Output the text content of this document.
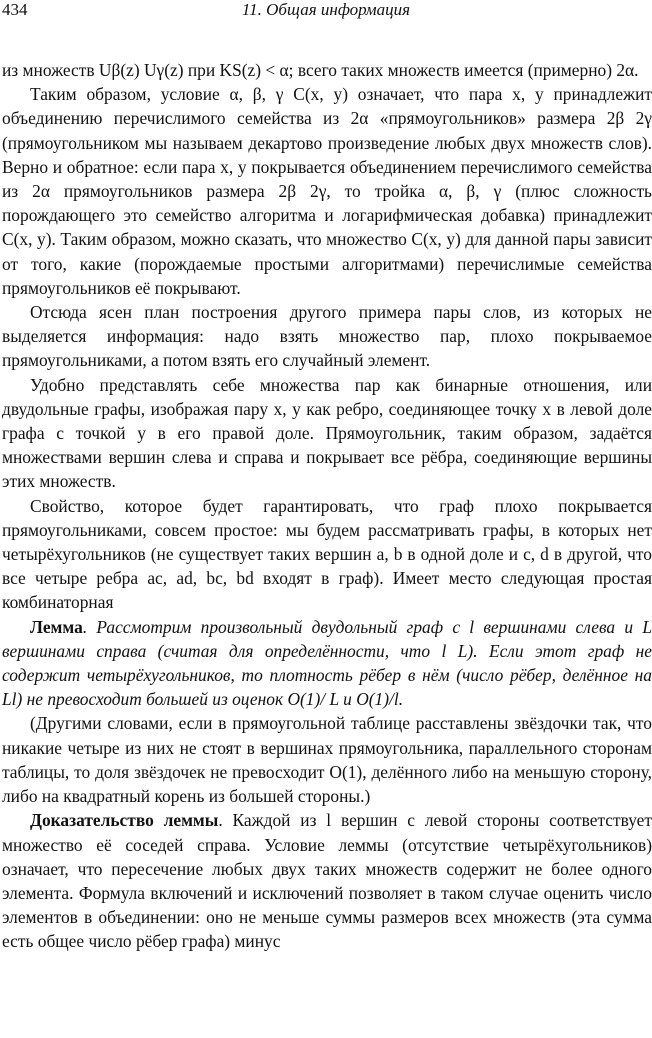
434	11. Общая информация

из множеств Uβ(z) Uγ(z) при KS(z) < α; всего таких множеств имеется (примерно) 2α.

Таким образом, условие α, β, γ C(x, y) означает, что пара x, y принадлежит объединению перечислимого семейства из 2α «прямоугольников» размера 2β 2γ (прямоугольником мы называем декартово произведение любых двух множеств слов). Верно и обратное: если пара x, y покрывается объединением перечислимого семейства из 2α прямоугольников размера 2β 2γ, то тройка α, β, γ (плюс сложность порождающего это семейство алгоритма и логарифмическая добавка) принадлежит C(x, y). Таким образом, можно сказать, что множество C(x, y) для данной пары зависит от того, какие (порождаемые простыми алгоритмами) перечислимые семейства прямоугольников её покрывают.

Отсюда ясен план построения другого примера пары слов, из которых не выделяется информация: надо взять множество пар, плохо покрываемое прямоугольниками, а потом взять его случайный элемент.

Удобно представлять себе множества пар как бинарные отношения, или двудольные графы, изображая пару x, y как ребро, соединяющее точку x в левой доле графа с точкой y в его правой доле. Прямоугольник, таким образом, задаётся множествами вершин слева и справа и покрывает все рёбра, соединяющие вершины этих множеств.

Свойство, которое будет гарантировать, что граф плохо покрывается прямоугольниками, совсем простое: мы будем рассматривать графы, в которых нет четырёхугольников (не существует таких вершин a, b в одной доле и c, d в другой, что все четыре ребра ac, ad, bc, bd входят в граф). Имеет место следующая простая комбинаторная

Лемма. Рассмотрим произвольный двудольный граф с l вершинами слева и L вершинами справа (считая для определённости, что l L). Если этот граф не содержит четырёхугольников, то плотность рёбер в нём (число рёбер, делённое на Ll) не превосходит большей из оценок O(1)/ L и O(1)/l.

(Другими словами, если в прямоугольной таблице расставлены звёздочки так, что никакие четыре из них не стоят в вершинах прямоугольника, параллельного сторонам таблицы, то доля звёздочек не превосходит O(1), делённого либо на меньшую сторону, либо на квадратный корень из большей стороны.)

Доказательство леммы. Каждой из l вершин с левой стороны соответствует множество её соседей справа. Условие леммы (отсутствие четырёхугольников) означает, что пересечение любых двух таких множеств содержит не более одного элемента. Формула включений и исключений позволяет в таком случае оценить число элементов в объединении: оно не меньше суммы размеров всех множеств (эта сумма есть общее число рёбер графа) минус
